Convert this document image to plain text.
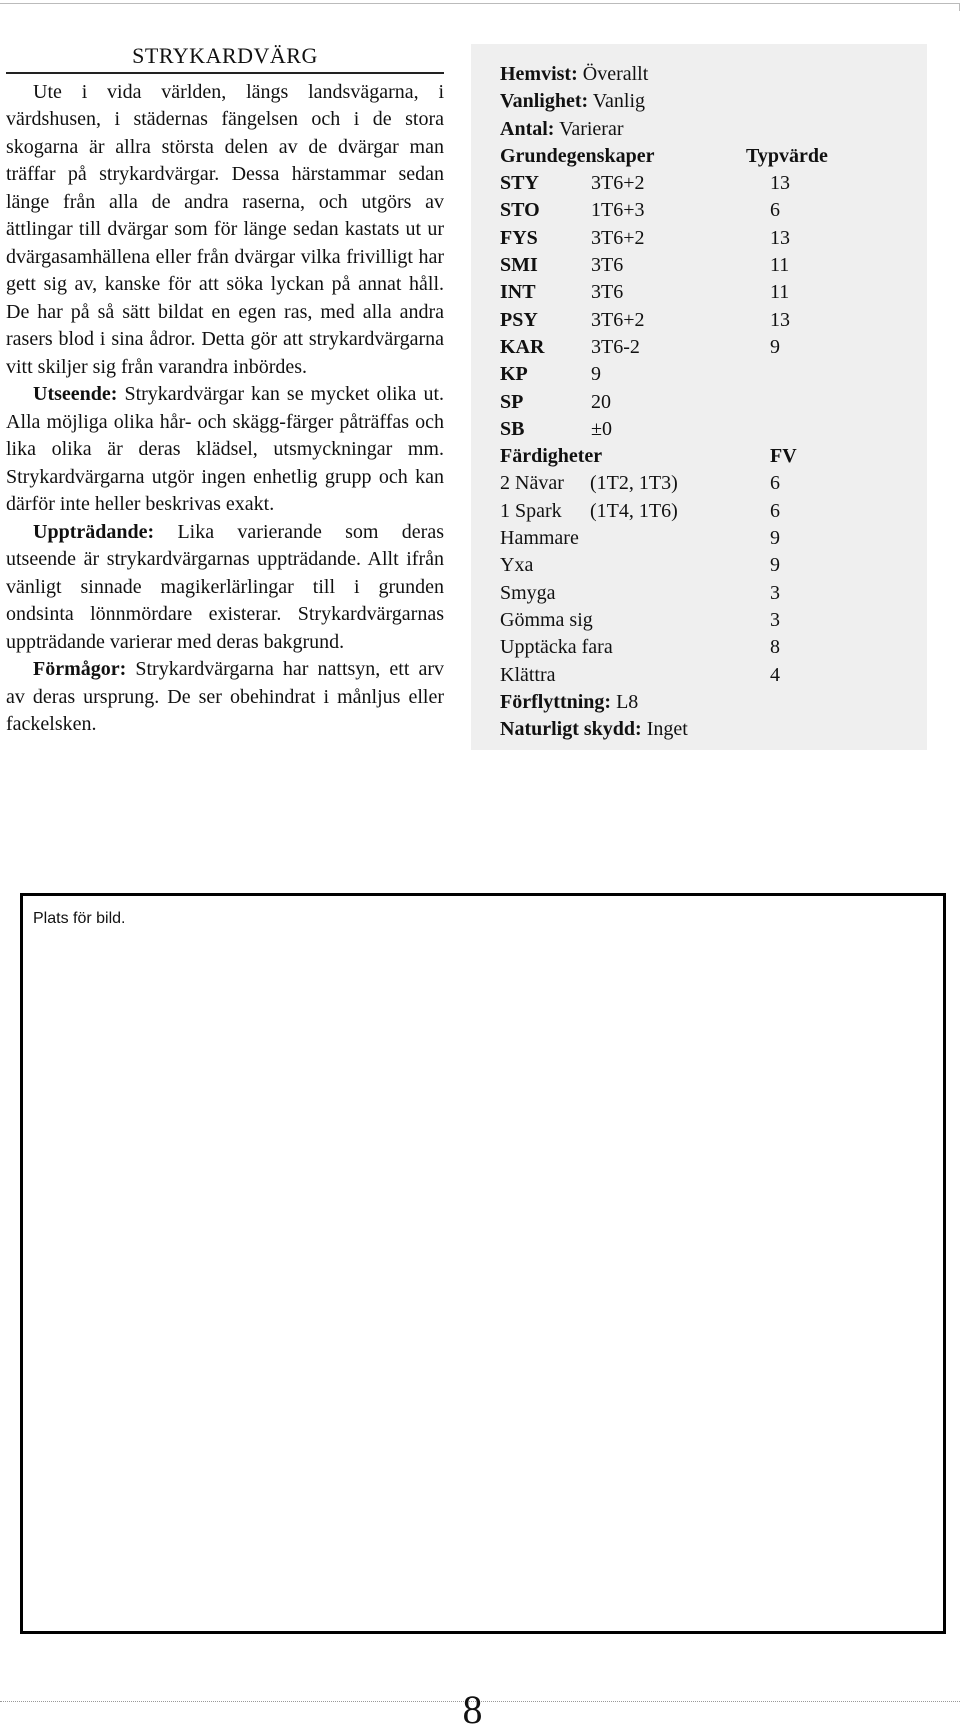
STRYKARDVÄRG

Ute i vida världen, längs landsvägarna, i värdshusen, i städernas fängelsen och i de stora skogarna är allra största delen av de dvärgar man träffar på strykardvärgar. Dessa härstammar sedan länge från alla de andra raserna, och utgörs av ättlingar till dvärgar som för länge sedan kastats ut ur dvärgasamhällena eller från dvärgar vilka frivilligt har gett sig av, kanske för att söka lyckan på annat håll. De har på så sätt bildat en egen ras, med alla andra rasers blod i sina ådror. Detta gör att strykardvärgarna vitt skiljer sig från varandra inbördes.

Utseende: Strykardvärgar kan se mycket olika ut. Alla möjliga olika hår- och skägg-färger påträffas och lika olika är deras klädsel, utsmyckningar mm. Strykardvärgarna utgör ingen enhetlig grupp och kan därför inte heller beskrivas exakt.

Uppträdande: Lika varierande som deras utseende är strykardvärgarnas uppträdande. Allt ifrån vänligt sinnade magikerlärlingar till i grunden ondsinta lönnmördare existerar. Strykardvärgarnas uppträdande varierar med deras bakgrund.

Förmågor: Strykardvärgarna har nattsyn, ett arv av deras ursprung. De ser obehindrat i månljus eller fackelsken.

Hemvist: Överallt
Vanlighet: Vanlig
Antal: Varierar
Grundegenskaper	Typvärde
STY	3T6+2	13
STO	1T6+3	6
FYS	3T6+2	13
SMI	3T6	11
INT	3T6	11
PSY	3T6+2	13
KAR 3T6-2	9
KP	9
SP	20
SB	±0
Färdigheter	FV
2 Nävar (1T2, 1T3)	6
1 Spark (1T4, 1T6)	6
Hammare	9
Yxa	9
Smyga	3
Gömma sig	3
Upptäcka fara	8
Klättra	4
Förflyttning: L8
Naturligt skydd: Inget
Plats för bild.
8
